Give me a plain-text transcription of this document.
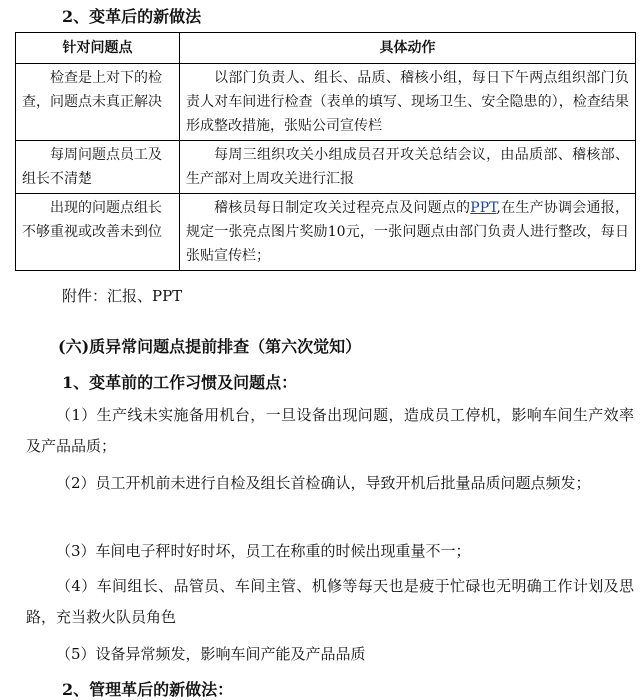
2、变革后的新做法
针对问题点	具体动作
检查是上对下的检查，问题点未真正解决	以部门负责人、组长、品质、稽核小组，每日下午两点组织部门负责人对车间进行检查（表单的填写、现场卫生、安全隐患的），检查结果形成整改措施，张贴公司宣传栏
每周问题点员工及组长不清楚	每周三组织攻关小组成员召开攻关总结会议，由品质部、稽核部、生产部对上周攻关进行汇报
出现的问题点组长不够重视或改善未到位	稽核员每日制定攻关过程亮点及问题点的PPT,在生产协调会通报，规定一张亮点图片奖励10元，一张问题点由部门负责人进行整改，每日张贴宣传栏；
附件：汇报、PPT
(六)质异常问题点提前排查（第六次觉知）
1、变革前的工作习惯及问题点：
（1）生产线未实施备用机台，一旦设备出现问题，造成员工停机，影响车间生产效率及产品品质；
（2）员工开机前未进行自检及组长首检确认，导致开机后批量品质问题点频发；
（3）车间电子秤时好时坏，员工在称重的时候出现重量不一；
（4）车间组长、品管员、车间主管、机修等每天也是疲于忙碌也无明确工作计划及思路，充当救火队员角色
（5）设备异常频发，影响车间产能及产品品质
2、管理革后的新做法：
